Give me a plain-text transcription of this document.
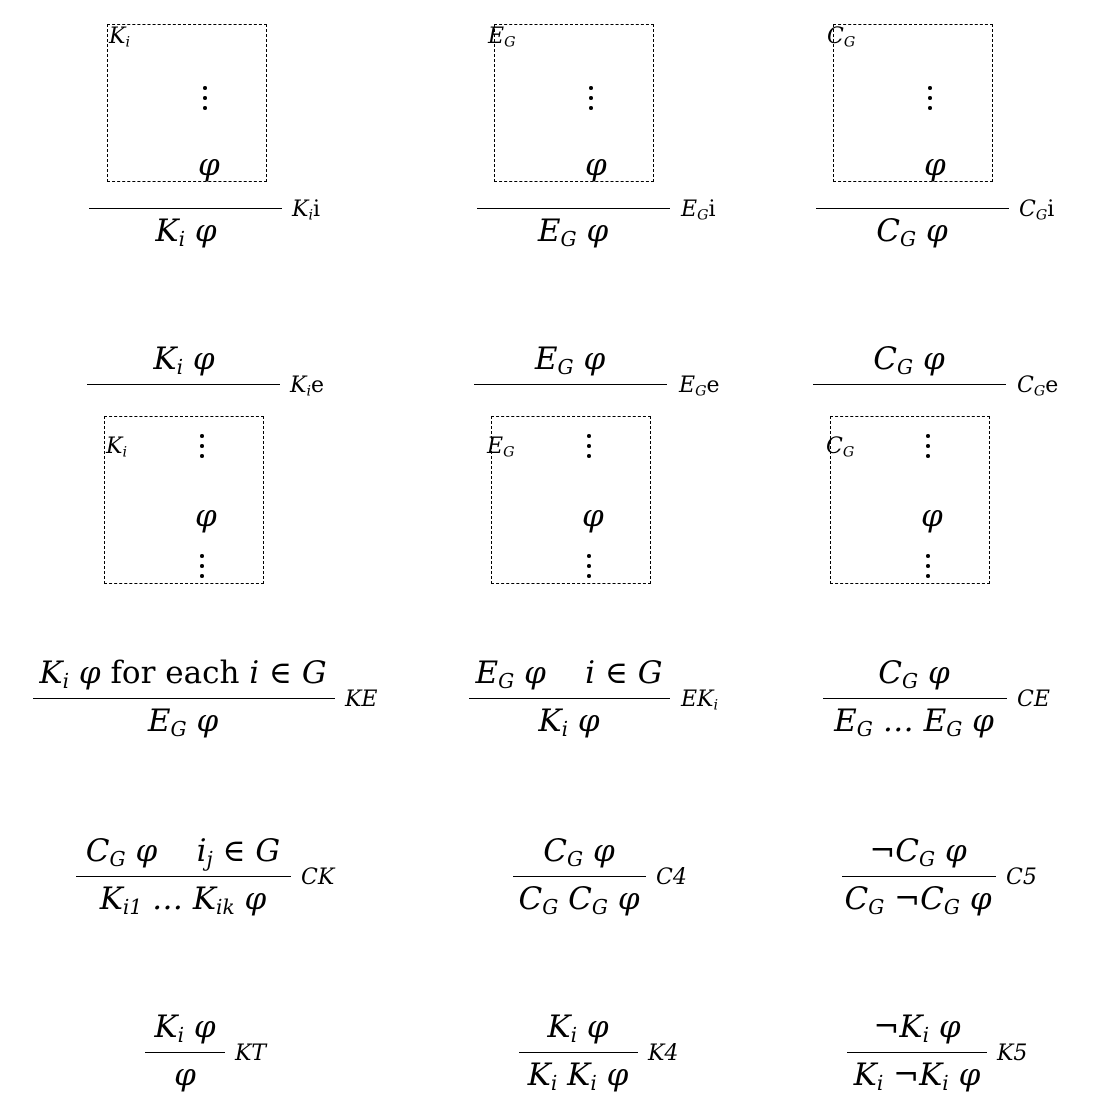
$K_i$
φ
$K_i$ φ
$K_ii$
$E_G$
φ
$E_G$ φ
$E_Gi$
$C_G$
φ
$C_G$ φ
$C_Gi$
$K_i$ φ
$K_ie$
$K_i$
φ
$E_G$ φ
$E_Ge$
$E_G$
φ
$C_G$ φ
$C_Ge$
$C_G$
φ
$K_i$ φ for each i ∈ G
$E_G$ φ
KE
$E_G$ φ    i ∈ G
$K_i$ φ
$EK_i$
$C_G$ φ
$E_G$ … $E_G$ φ
CE
$C_G$ φ    $i_j$ ∈ G
$K_{i1}$ … $K_{ik}$ φ
CK
$C_G$ φ
$C_G$ $C_G$ φ
C4
$\neg C_G$ φ
$C_G$ $\neg C_G$ φ
C5
$K_i$ φ
φ
KT
$K_i$ φ
$K_i$ $K_i$ φ
K4
$\neg K_i$ φ
$K_i$ $\neg K_i$ φ
K5
